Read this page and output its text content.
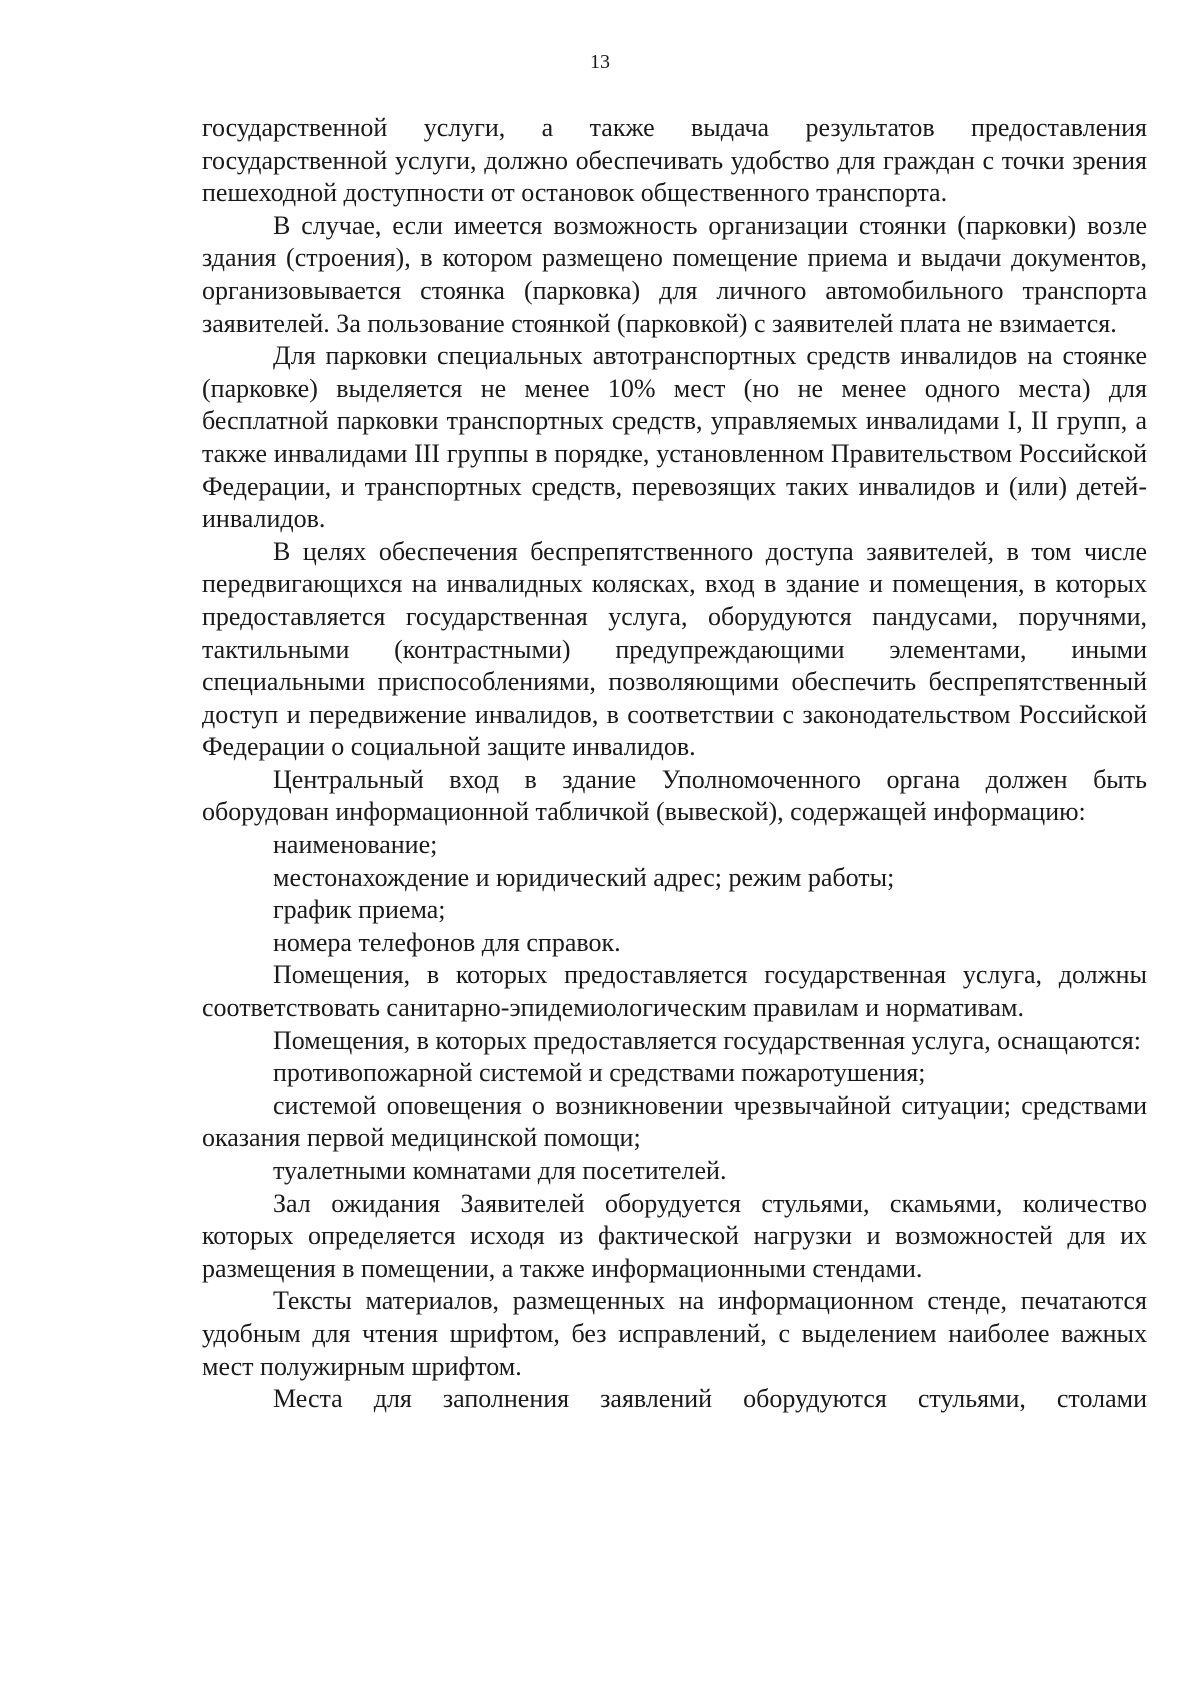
13

государственной услуги, а также выдача результатов предоставления государственной услуги, должно обеспечивать удобство для граждан с точки зрения пешеходной доступности от остановок общественного транспорта.

В случае, если имеется возможность организации стоянки (парковки) возле здания (строения), в котором размещено помещение приема и выдачи документов, организовывается стоянка (парковка) для личного автомобильного транспорта заявителей. За пользование стоянкой (парковкой) с заявителей плата не взимается.

Для парковки специальных автотранспортных средств инвалидов на стоянке (парковке) выделяется не менее 10% мест (но не менее одного места) для бесплатной парковки транспортных средств, управляемых инвалидами I, II групп, а также инвалидами III группы в порядке, установленном Правительством Российской Федерации, и транспортных средств, перевозящих таких инвалидов и (или) детей- инвалидов.

В целях обеспечения беспрепятственного доступа заявителей, в том числе передвигающихся на инвалидных колясках, вход в здание и помещения, в которых предоставляется государственная услуга, оборудуются пандусами, поручнями, тактильными (контрастными) предупреждающими элементами, иными специальными приспособлениями, позволяющими обеспечить беспрепятственный доступ и передвижение инвалидов, в соответствии с законодательством Российской Федерации о социальной защите инвалидов.

Центральный вход в здание Уполномоченного органа должен быть оборудован информационной табличкой (вывеской), содержащей информацию:

наименование;

местонахождение и юридический адрес; режим работы;

график приема;

номера телефонов для справок.

Помещения, в которых предоставляется государственная услуга, должны соответствовать санитарно-эпидемиологическим правилам и нормативам.

Помещения, в которых предоставляется государственная услуга, оснащаются:

противопожарной системой и средствами пожаротушения;

системой оповещения о возникновении чрезвычайной ситуации; средствами оказания первой медицинской помощи;

туалетными комнатами для посетителей.

Зал ожидания Заявителей оборудуется стульями, скамьями, количество которых определяется исходя из фактической нагрузки и возможностей для их размещения в помещении, а также информационными стендами.

Тексты материалов, размещенных на информационном стенде, печатаются удобным для чтения шрифтом, без исправлений, с выделением наиболее важных мест полужирным шрифтом.

Места для заполнения заявлений оборудуются стульями, столами
